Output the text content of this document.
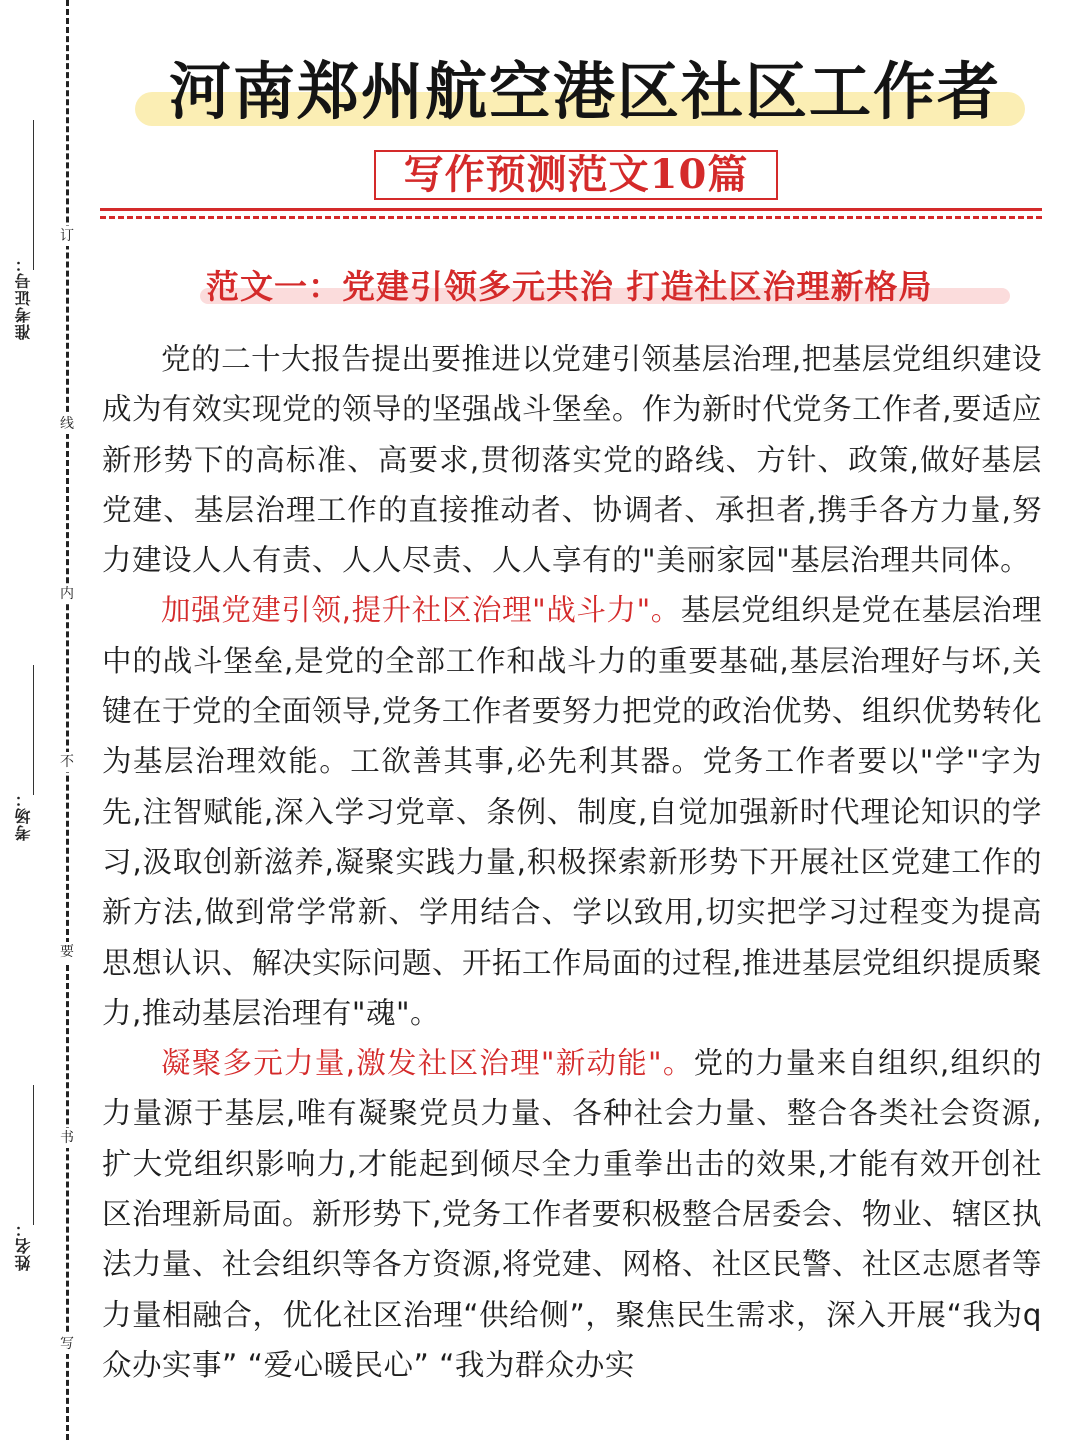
订
线
内
不
要
书
写
准考证号：
考场：
姓名：
河南郑州航空港区社区工作者
写作预测范文10篇
范文一：党建引领多元共治 打造社区治理新格局

党的二十大报告提出要推进以党建引领基层治理,把基层党组织建设成为有效实现党的领导的坚强战斗堡垒。作为新时代党务工作者,要适应新形势下的高标准、高要求,贯彻落实党的路线、方针、政策,做好基层党建、基层治理工作的直接推动者、协调者、承担者,携手各方力量,努力建设人人有责、人人尽责、人人享有的"美丽家园"基层治理共同体。

加强党建引领,提升社区治理"战斗力"。基层党组织是党在基层治理中的战斗堡垒,是党的全部工作和战斗力的重要基础,基层治理好与坏,关键在于党的全面领导,党务工作者要努力把党的政治优势、组织优势转化为基层治理效能。工欲善其事,必先利其器。党务工作者要以"学"字为先,注智赋能,深入学习党章、条例、制度,自觉加强新时代理论知识的学习,汲取创新滋养,凝聚实践力量,积极探索新形势下开展社区党建工作的新方法,做到常学常新、学用结合、学以致用,切实把学习过程变为提高思想认识、解决实际问题、开拓工作局面的过程,推进基层党组织提质聚力,推动基层治理有"魂"。

凝聚多元力量,激发社区治理"新动能"。党的力量来自组织,组织的力量源于基层,唯有凝聚党员力量、各种社会力量、整合各类社会资源,扩大党组织影响力,才能起到倾尽全力重拳出击的效果,才能有效开创社区治理新局面。新形势下,党务工作者要积极整合居委会、物业、辖区执法力量、社会组织等各方资源,将党建、网格、社区民警、社区志愿者等力量相融合，优化社区治理“供给侧”，聚焦民生需求，深入开展“我为q众办实事” “爱心暖民心” “我为群众办实
